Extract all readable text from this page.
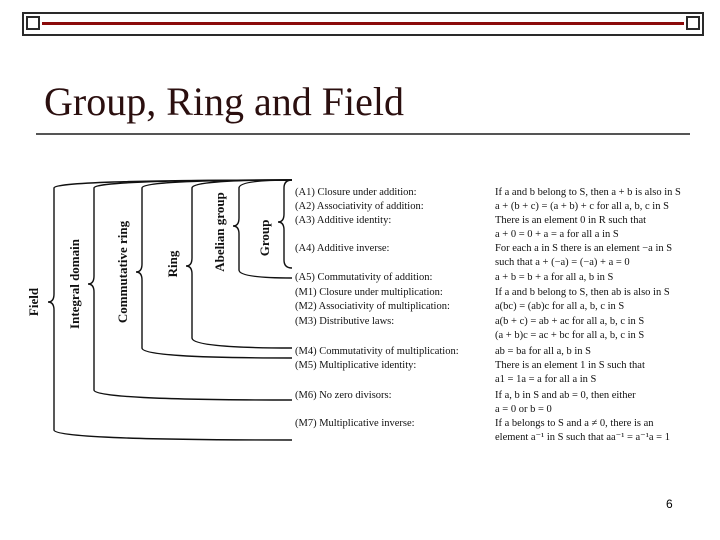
Group, Ring and Field
Group
Abelian group
Ring
Commutative ring
Integral domain
Field
(A1) Closure under addition:
(A2) Associativity of addition:
(A3) Additive identity:
(A4) Additive inverse:
(A5) Commutativity of addition:
(M1) Closure under multiplication:
(M2) Associativity of multiplication:
(M3) Distributive laws:
(M4) Commutativity of multiplication:
(M5) Multiplicative identity:
(M6) No zero divisors:
(M7) Multiplicative inverse:
If a and b belong to S, then a + b is also in S
a + (b + c) = (a + b) + c for all a, b, c in S
There is an element 0 in R such that
a + 0 = 0 + a = a for all a in S
For each a in S there is an element −a in S
such that a + (−a) = (−a) + a = 0
a + b = b + a for all a, b in S
If a and b belong to S, then ab is also in S
a(bc) = (ab)c for all a, b, c in S
a(b + c) = ab + ac for all a, b, c in S
(a + b)c = ac + bc for all a, b, c in S
ab = ba for all a, b in S
There is an element 1 in S such that
a1 = 1a = a for all a in S
If a, b in S and ab = 0, then either
a = 0 or b = 0
If a belongs to S and a ≠ 0, there is an
element a⁻¹ in S such that aa⁻¹ = a⁻¹a = 1
6
